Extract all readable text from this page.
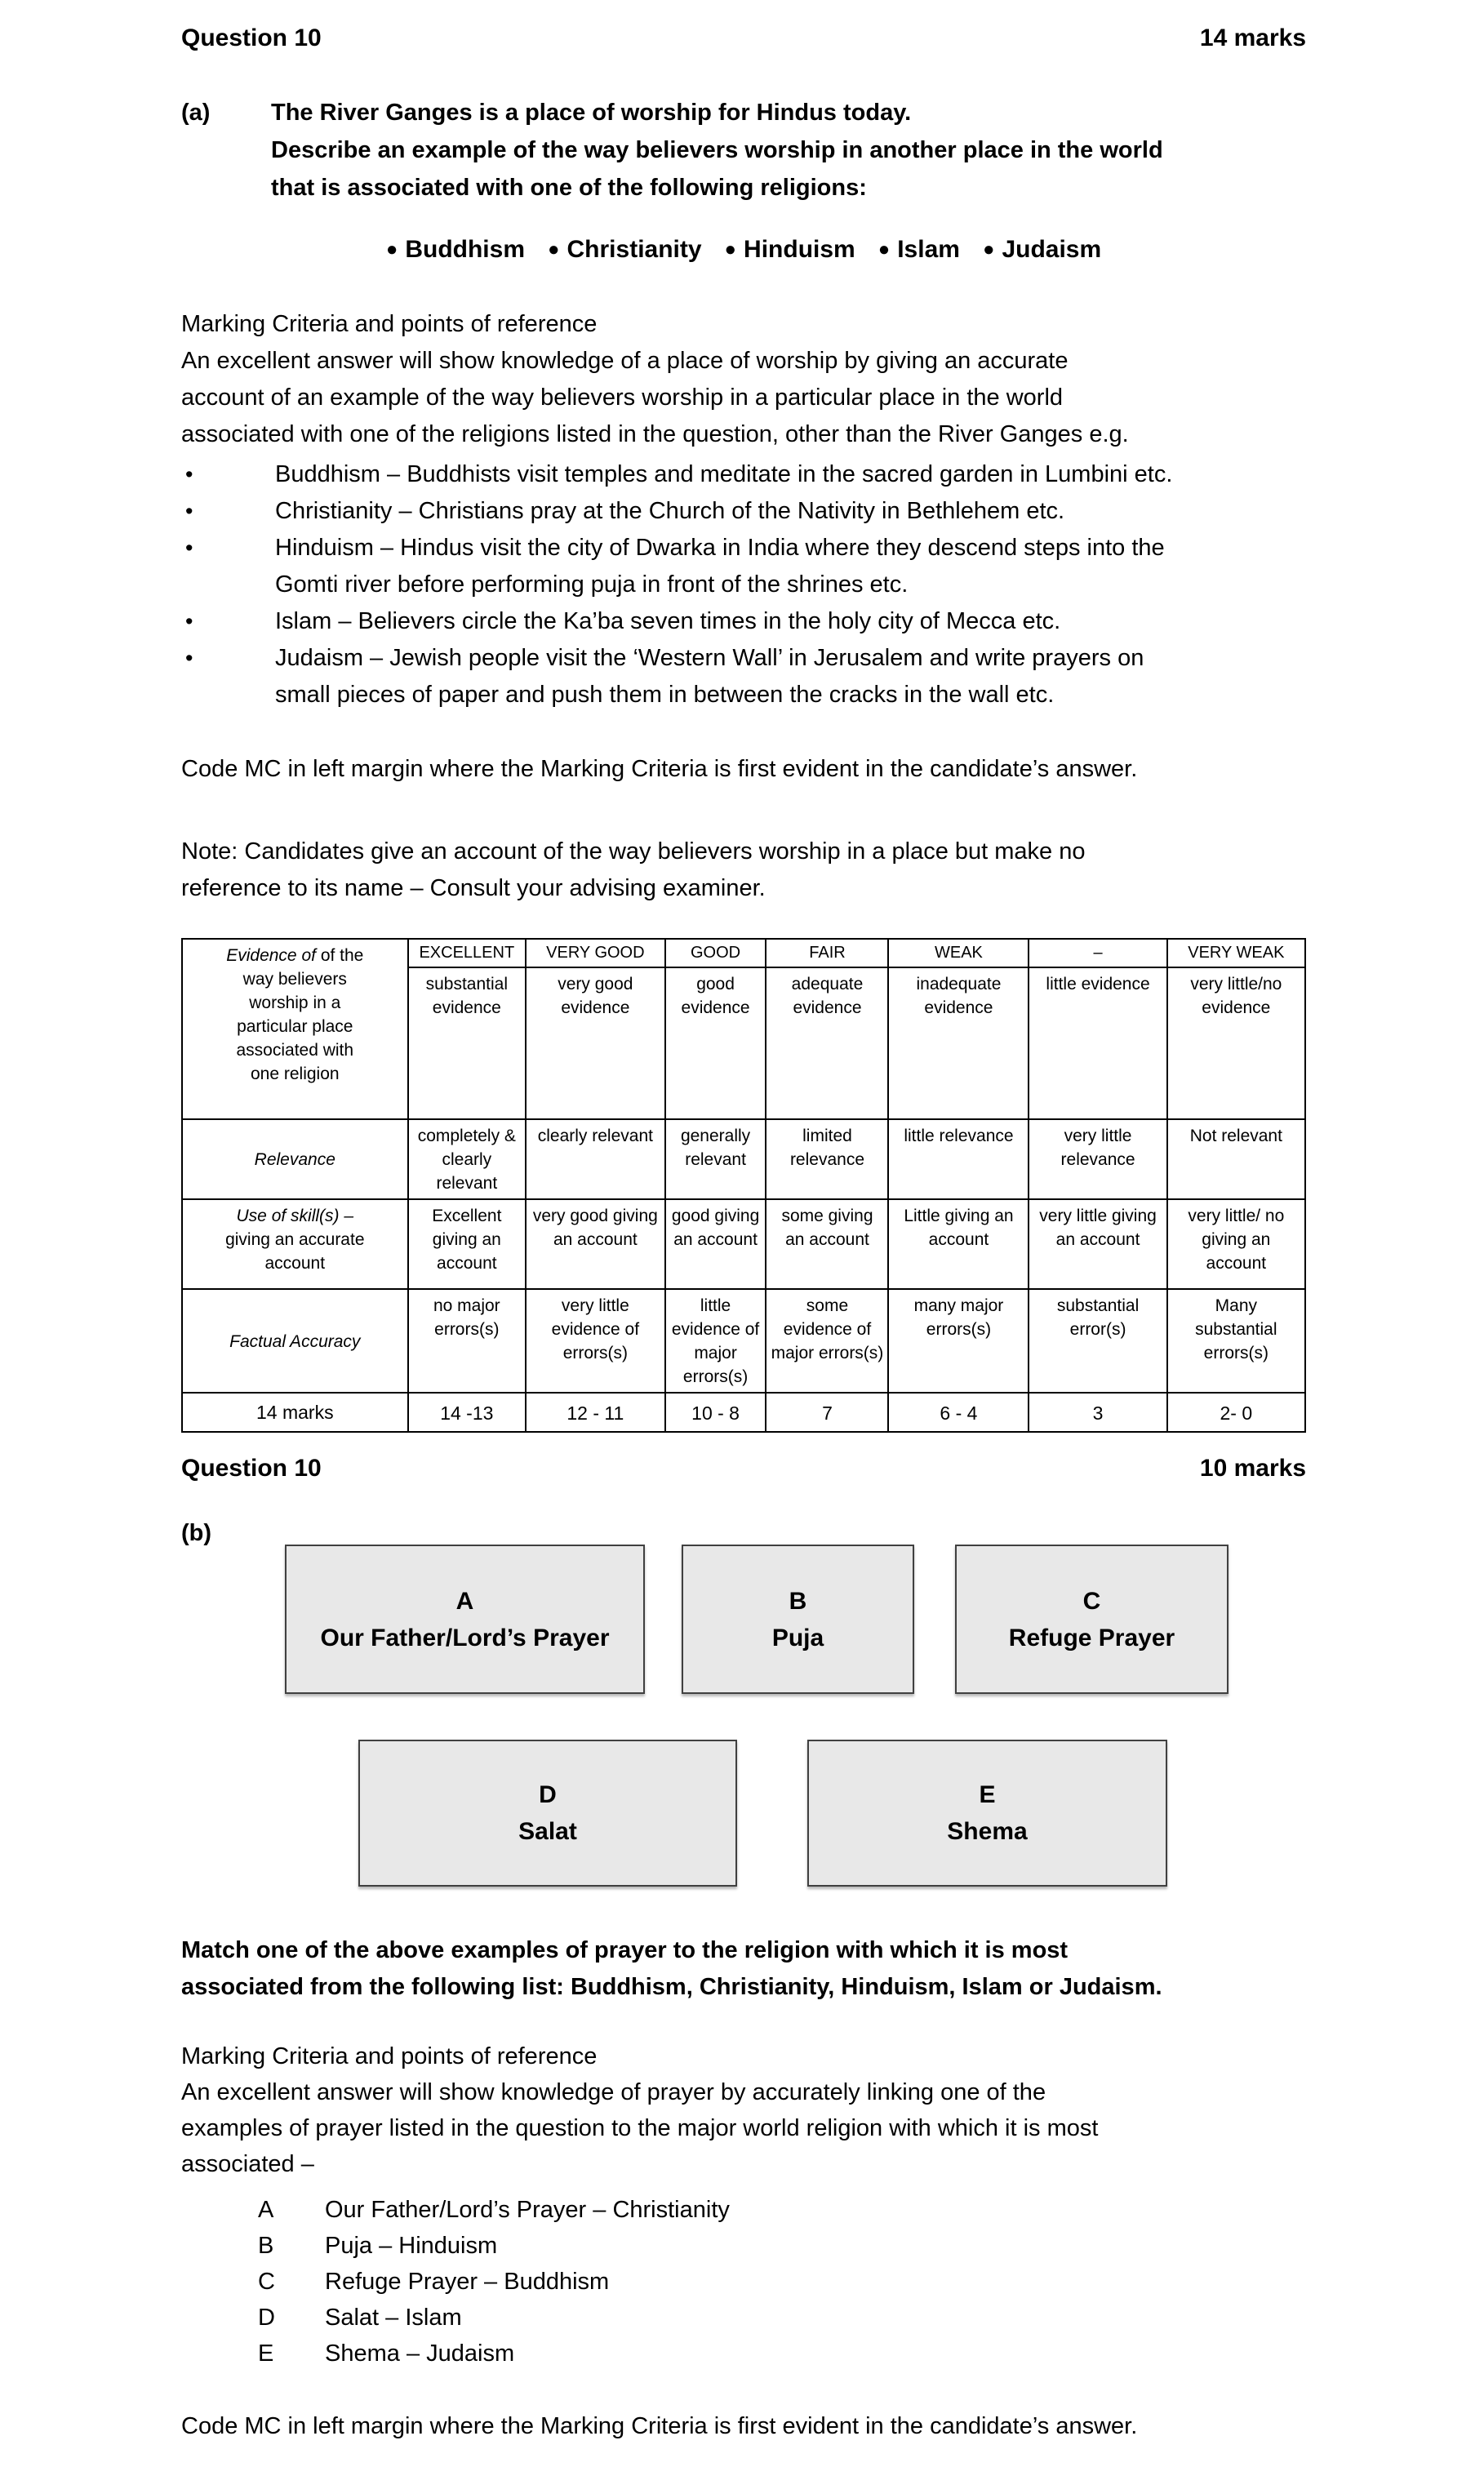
Question 10	14 marks
(a)	The River Ganges is a place of worship for Hindus today.
Describe an example of the way believers worship in another place in the world
that is associated with one of the following religions:
● Buddhism ● Christianity ● Hinduism ● Islam ● Judaism
Marking Criteria and points of reference
An excellent answer will show knowledge of a place of worship by giving an accurate
account of an example of the way believers worship in a particular place in the world
associated with one of the religions listed in the question, other than the River Ganges e.g.
•	Buddhism – Buddhists visit temples and meditate in the sacred garden in Lumbini etc.
•	Christianity – Christians pray at the Church of the Nativity in Bethlehem etc.
•	Hinduism – Hindus visit the city of Dwarka in India where they descend steps into the
Gomti river before performing puja in front of the shrines etc.
•	Islam – Believers circle the Ka’ba seven times in the holy city of Mecca etc.
•	Judaism – Jewish people visit the ‘Western Wall’ in Jerusalem and write prayers on
small pieces of paper and push them in between the cracks in the wall etc.

Code MC in left margin where the Marking Criteria is first evident in the candidate’s answer.

Note: Candidates give an account of the way believers worship in a place but make no
reference to its name – Consult your advising examiner.
Evidence of of the
way believers
worship in a
particular place
associated with
one religion
	EXCELLENT	VERY GOOD	GOOD	FAIR	WEAK	–	VERY WEAK
	substantial evidence	very good evidence	good evidence	adequate evidence	inadequate evidence	little evidence	very little/no evidence
Relevance	completely & clearly relevant	clearly relevant	generally relevant	limited relevance	little relevance	very little relevance	Not relevant

Use of skill(s) –
giving an accurate
account	Excellent giving an account	very good giving an account	good giving an account	some giving an account	Little giving an account	very little giving an account	very little/ no giving an account
Factual Accuracy	no major errors(s)	very little evidence of errors(s)	little evidence of major errors(s)	some evidence of major errors(s)	many major errors(s)	substantial error(s)	Many substantial errors(s)
14 marks	14 -13	12 - 11	10 - 8	7	6 - 4	3	2- 0
Question 10	10 marks
(b)
A
Our Father/Lord’s Prayer
B
Puja
C
Refuge Prayer
D
Salat
E
Shema
Match one of the above examples of prayer to the religion with which it is most
associated from the following list: Buddhism, Christianity, Hinduism, Islam or Judaism.
Marking Criteria and points of reference
An excellent answer will show knowledge of prayer by accurately linking one of the
examples of prayer listed in the question to the major world religion with which it is most
associated –
A	Our Father/Lord’s Prayer – Christianity
B	Puja – Hinduism
C	Refuge Prayer – Buddhism
D	Salat – Islam
E	Shema – Judaism

Code MC in left margin where the Marking Criteria is first evident in the candidate’s answer.
